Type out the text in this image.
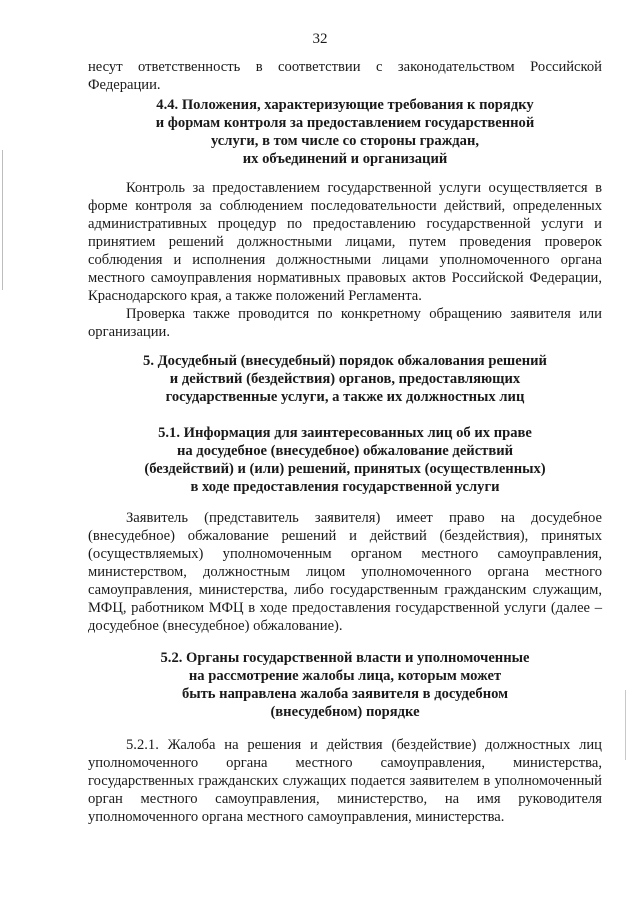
32

несут ответственность в соответствии с законодательством Российской Федерации.

4.4. Положения, характеризующие требования к порядку

и формам контроля за предоставлением государственной

услуги, в том числе со стороны граждан,

их объединений и организаций

Контроль за предоставлением государственной услуги осуществляется в форме контроля за соблюдением последовательности действий, определенных административных процедур по предоставлению государственной услуги и принятием решений должностными лицами, путем проведения проверок соблюдения и исполнения должностными лицами уполномоченного органа местного самоуправления нормативных правовых актов Российской Федерации, Краснодарского края, а также положений Регламента.

Проверка также проводится по конкретному обращению заявителя или организации.

5. Досудебный (внесудебный) порядок обжалования решений

и действий (бездействия) органов, предоставляющих

государственные услуги, а также их должностных лиц

5.1. Информация для заинтересованных лиц об их праве

на досудебное (внесудебное) обжалование действий

(бездействий) и (или) решений, принятых (осуществленных)

в ходе предоставления государственной услуги

Заявитель (представитель заявителя) имеет право на досудебное (внесудебное) обжалование решений и действий (бездействия), принятых (осуществляемых) уполномоченным органом местного самоуправления, министерством, должностным лицом уполномоченного органа местного самоуправления, министерства, либо государственным гражданским служащим, МФЦ, работником МФЦ в ходе предоставления государственной услуги (далее – досудебное (внесудебное) обжалование).

5.2. Органы государственной власти и уполномоченные

на рассмотрение жалобы лица, которым может

быть направлена жалоба заявителя в досудебном

(внесудебном) порядке

5.2.1. Жалоба на решения и действия (бездействие) должностных лиц уполномоченного органа местного самоуправления, министерства, государственных гражданских служащих подается заявителем в уполномоченный орган местного самоуправления, министерство, на имя руководителя уполномоченного органа местного самоуправления, министерства.
